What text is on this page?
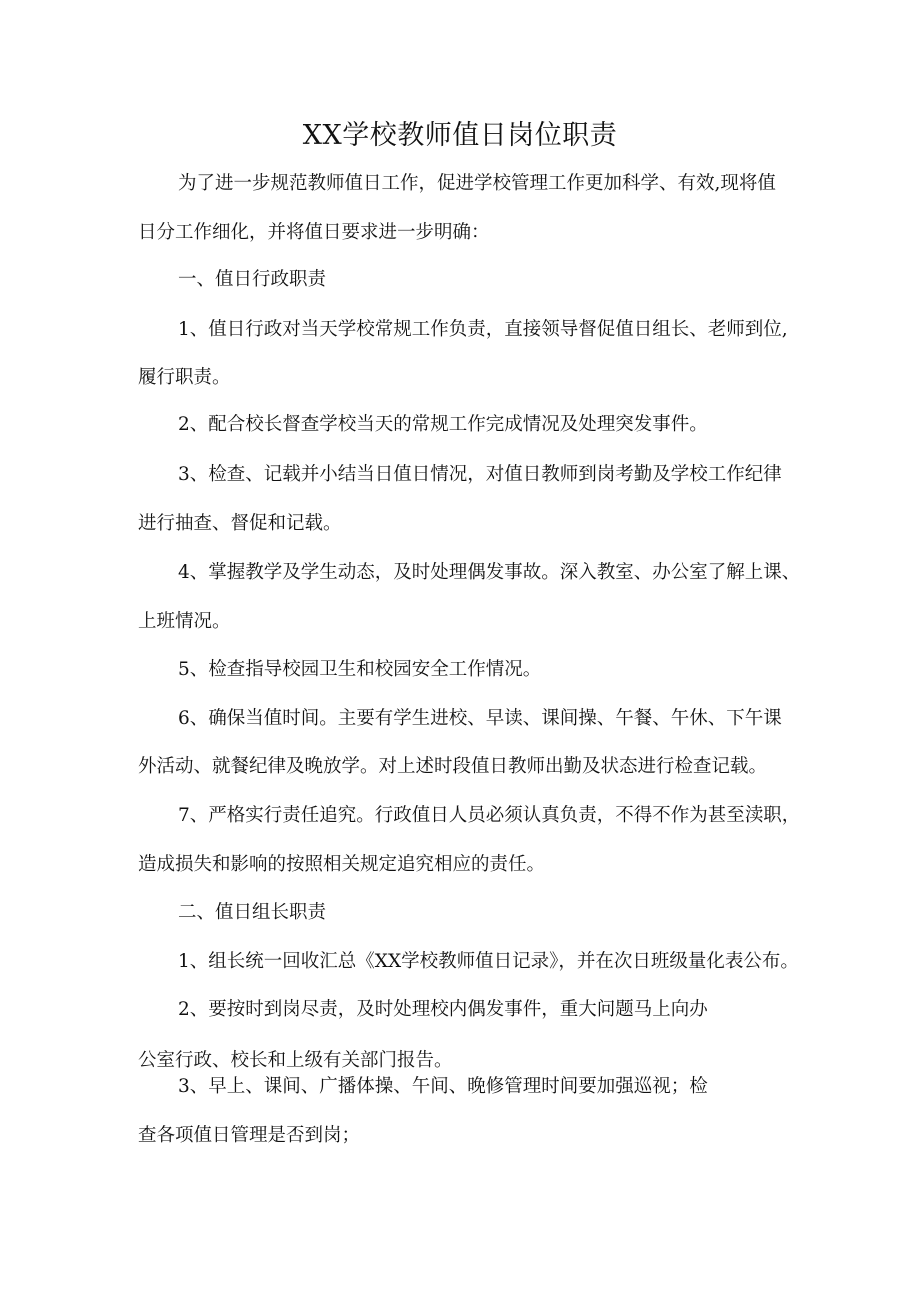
XX学校教师值日岗位职责
为了进一步规范教师值日工作，促进学校管理工作更加科学、有效,现将值
日分工作细化，并将值日要求进一步明确：
一、值日行政职责
1、值日行政对当天学校常规工作负责，直接领导督促值日组长、老师到位,
履行职责。
2、配合校长督查学校当天的常规工作完成情况及处理突发事件。
3、检查、记载并小结当日值日情况，对值日教师到岗考勤及学校工作纪律
进行抽查、督促和记载。
4、掌握教学及学生动态，及时处理偶发事故。深入教室、办公室了解上课、
上班情况。
5、检查指导校园卫生和校园安全工作情况。
6、确保当值时间。主要有学生进校、早读、课间操、午餐、午休、下午课
外活动、就餐纪律及晚放学。对上述时段值日教师出勤及状态进行检查记载。
7、严格实行责任追究。行政值日人员必须认真负责，不得不作为甚至渎职，
造成损失和影响的按照相关规定追究相应的责任。
二、值日组长职责
1、组长统一回收汇总《XX学校教师值日记录》，并在次日班级量化表公布。
2、要按时到岗尽责，及时处理校内偶发事件，重大问题马上向办
公室行政、校长和上级有关部门报告。
3、早上、课间、广播体操、午间、晚修管理时间要加强巡视；检
查各项值日管理是否到岗；
